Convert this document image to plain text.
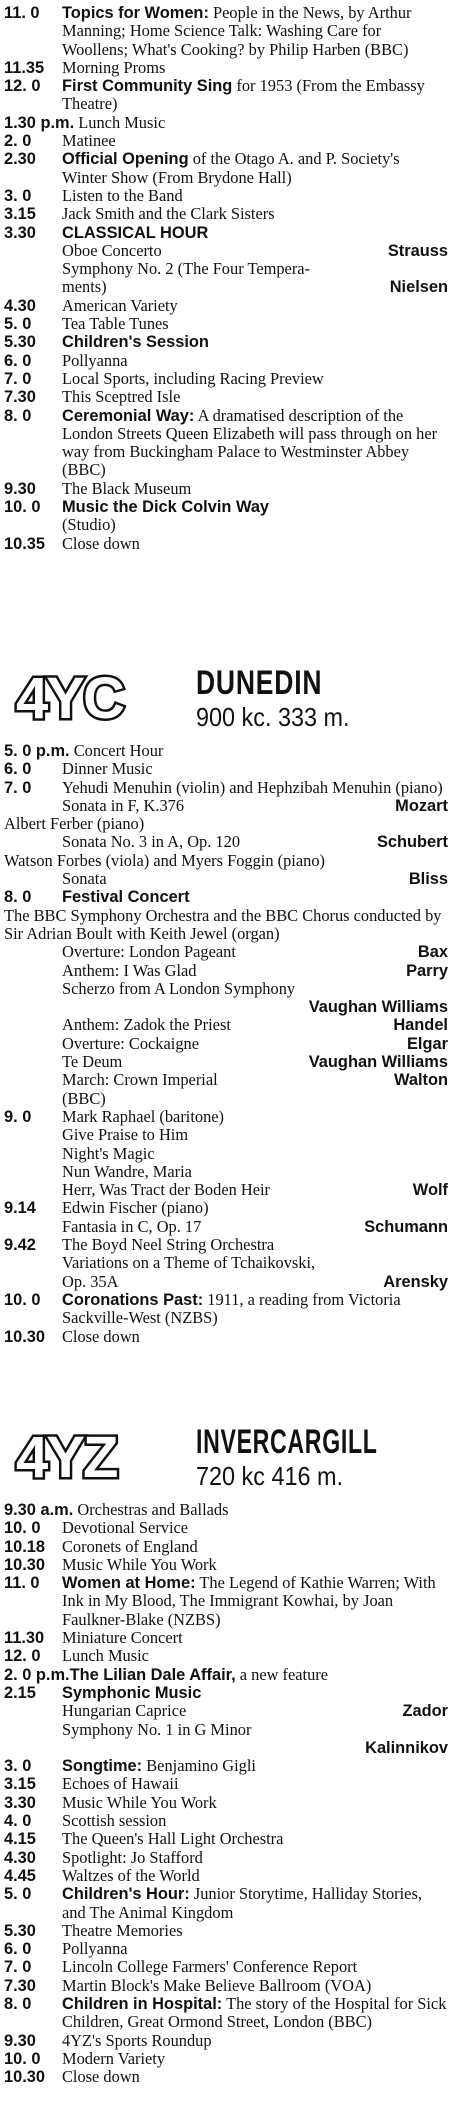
11. 0	Topics for Women: People in the News, by Arthur Manning; Home Science Talk: Washing Care for Woollens; What's Cooking? by Philip Harben (BBC)
11.35	Morning Proms
12. 0	First Community Sing for 1953 (From the Embassy Theatre)
1.30 p.m. Lunch Music
2. 0	Matinee
2.30	Official Opening of the Otago A. and P. Society's Winter Show (From Brydone Hall)
3. 0	Listen to the Band
3.15	Jack Smith and the Clark Sisters
3.30	CLASSICAL HOUR
Oboe Concerto	Strauss
Symphony No. 2 (The Four Tempera-
ments)	Nielsen
4.30	American Variety
5. 0	Tea Table Tunes
5.30	Children's Session
6. 0	Pollyanna
7. 0	Local Sports, including Racing Preview
7.30	This Sceptred Isle
8. 0	Ceremonial Way: A dramatised description of the London Streets Queen Elizabeth will pass through on her way from Buckingham Palace to Westminster Abbey (BBC)
9.30	The Black Museum
10. 0	Music the Dick Colvin Way
(Studio)
10.35	Close down
4YC DUNEDIN
900 kc. 333 m.
5. 0 p.m. Concert Hour
6. 0	Dinner Music
7. 0	Yehudi Menuhin (violin) and Hephzibah Menuhin (piano)
Sonata in F, K.376	Mozart
Albert Ferber (piano)
Sonata No. 3 in A, Op. 120	Schubert
Watson Forbes (viola) and Myers Foggin (piano)
Sonata	Bliss
8. 0	Festival Concert
The BBC Symphony Orchestra and the BBC Chorus conducted by Sir Adrian Boult with Keith Jewel (organ)
Overture: London Pageant	Bax
Anthem: I Was Glad	Parry
Scherzo from A London Symphony
Vaughan Williams
Anthem: Zadok the Priest	Handel
Overture: Cockaigne	Elgar
Te Deum	Vaughan Williams
March: Crown Imperial	Walton
(BBC)
9. 0	Mark Raphael (baritone)
Give Praise to Him
Night's Magic
Nun Wandre, Maria
Herr, Was Tract der Boden Heir	Wolf
9.14	Edwin Fischer (piano)
Fantasia in C, Op. 17	Schumann
9.42	The Boyd Neel String Orchestra
Variations on a Theme of Tchaikovski,
Op. 35A	Arensky
10. 0	Coronations Past: 1911, a reading from Victoria Sackville-West (NZBS)
10.30	Close down
4YZ INVERCARGILL
720 kc 416 m.
9.30 a.m. Orchestras and Ballads
10. 0	Devotional Service
10.18	Coronets of England
10.30	Music While You Work
11. 0	Women at Home: The Legend of Kathie Warren; With Ink in My Blood, The Immigrant Kowhai, by Joan Faulkner-Blake (NZBS)
11.30	Miniature Concert
12. 0	Lunch Music
2. 0 p.m. The Lilian Dale Affair, a new feature
2.15	Symphonic Music
Hungarian Caprice	Zador
Symphony No. 1 in G Minor
Kalinnikov
3. 0	Songtime: Benjamino Gigli
3.15	Echoes of Hawaii
3.30	Music While You Work
4. 0	Scottish session
4.15	The Queen's Hall Light Orchestra
4.30	Spotlight: Jo Stafford
4.45	Waltzes of the World
5. 0	Children's Hour: Junior Storytime, Halliday Stories, and The Animal Kingdom
5.30	Theatre Memories
6. 0	Pollyanna
7. 0	Lincoln College Farmers' Conference Report
7.30	Martin Block's Make Believe Ballroom (VOA)
8. 0	Children in Hospital: The story of the Hospital for Sick Children, Great Ormond Street, London (BBC)
9.30	4YZ's Sports Roundup
10. 0	Modern Variety
10.30	Close down
